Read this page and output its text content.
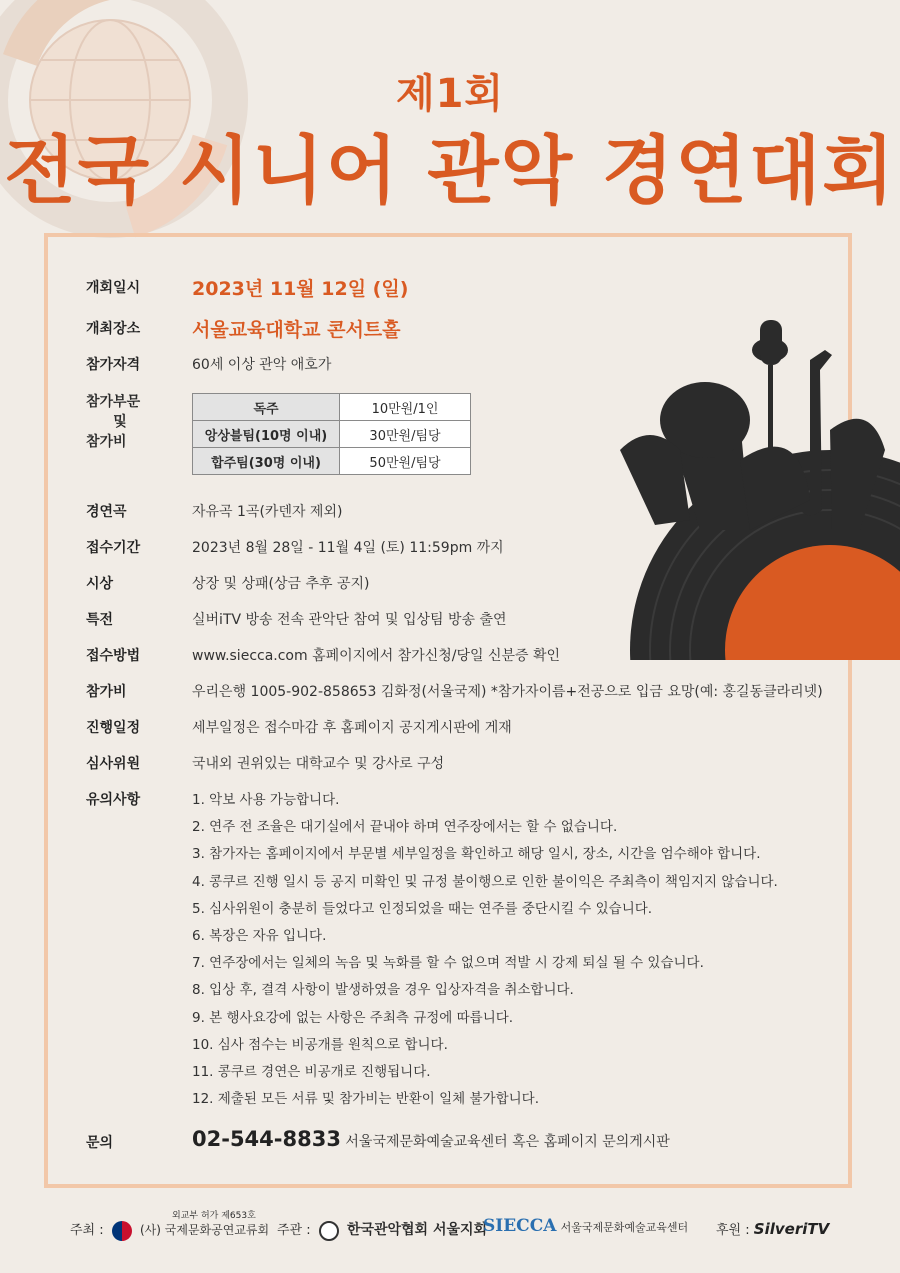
제1회
전국 시니어 관악 경연대회
개회일시	2023년 11월 12일 (일)
개최장소	서울교육대학교 콘서트홀
참가자격	60세 이상 관악 애호가
참가부문
및
참가비
독주	10만원/1인
앙상블팀(10명 이내)	30만원/팀당
합주팀(30명 이내)	50만원/팀당
경연곡	자유곡 1곡(카덴자 제외)
접수기간	2023년 8월 28일 - 11월 4일 (토) 11:59pm 까지
시상	상장 및 상패(상금 추후 공지)
특전	실버iTV 방송 전속 관악단 참여 및 입상팀 방송 출연
접수방법	www.siecca.com 홈페이지에서 참가신청/당일 신분증 확인
참가비	우리은행 1005-902-858653 김화정(서울국제) *참가자이름+전공으로 입금 요망(예: 홍길동클라리넷)
진행일정	세부일정은 접수마감 후 홈페이지 공지게시판에 게재
심사위원	국내외 권위있는 대학교수 및 강사로 구성
유의사항	1. 악보 사용 가능합니다.
2. 연주 전 조율은 대기실에서 끝내야 하며 연주장에서는 할 수 없습니다.
3. 참가자는 홈페이지에서 부문별 세부일정을 확인하고 해당 일시, 장소, 시간을 엄수해야 합니다.
4. 콩쿠르 진행 일시 등 공지 미확인 및 규정 불이행으로 인한 불이익은 주최측이 책임지지 않습니다.
5. 심사위원이 충분히 들었다고 인정되었을 때는 연주를 중단시킬 수 있습니다.
6. 복장은 자유 입니다.
7. 연주장에서는 일체의 녹음 및 녹화를 할 수 없으며 적발 시 강제 퇴실 될 수 있습니다.
8. 입상 후, 결격 사항이 발생하였을 경우 입상자격을 취소합니다.
9. 본 행사요강에 없는 사항은 주최측 규정에 따릅니다.
10. 심사 점수는 비공개를 원칙으로 합니다.
11. 콩쿠르 경연은 비공개로 진행됩니다.
12. 제출된 모든 서류 및 참가비는 반환이 일체 불가합니다.
문의	02-544-8833 서울국제문화예술교육센터 혹은 홈페이지 문의게시판
주최 :
외교부 허가 제653호
(사) 국제문화공연교류회 주관 :	한국관악협회 서울지회
SIECCA 서울국제문화예술교육센터 후원 : SilveriTV
